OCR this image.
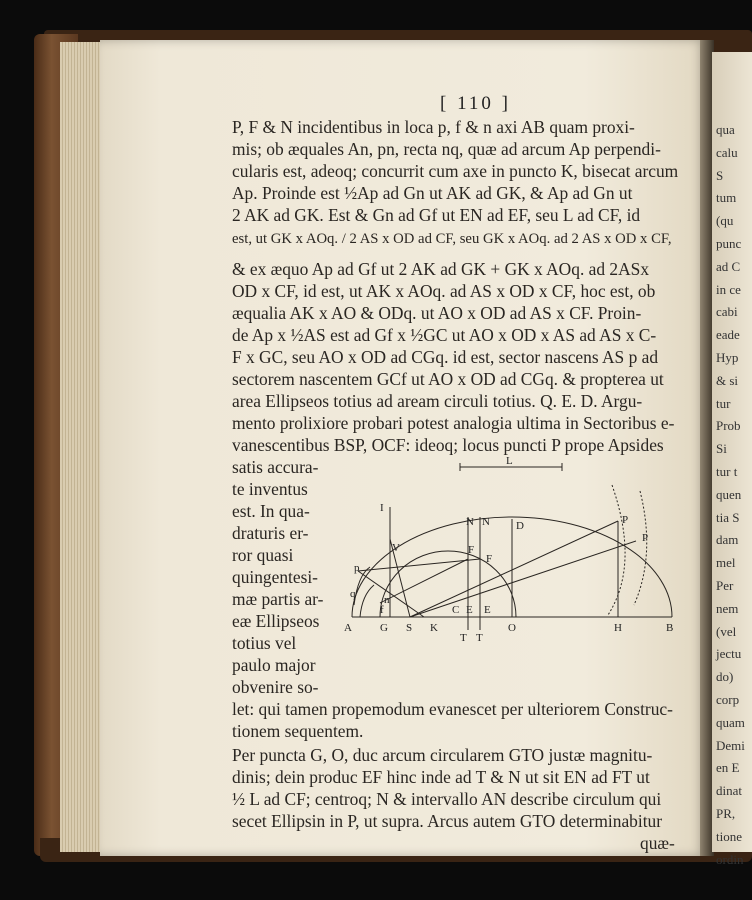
qua
calu
S
tum
(qu
punc
ad C
in ce
cabi
eade
Hyp
& si
tur
Prob
Si
tur t
quen
tia S
dam
mel
Per
nem
(vel
jectu
do)
corp
quam
Demi
en E
dinat
PR,
tione
ordin
[ 110 ]
P, F & N incidentibus in loca p, f & n axi AB quam proxi-
mis; ob æquales An, pn, recta nq, quæ ad arcum Ap perpendi-
cularis est, adeoq; concurrit cum axe in puncto K, bisecat arcum
Ap. Proinde est ½Ap ad Gn ut AK ad GK, & Ap ad Gn ut
2 AK ad GK. Est & Gn ad Gf ut EN ad EF, seu L ad CF, id
est, ut GK x AOq. / 2 AS x OD ad CF, seu GK x AOq. ad 2 AS x OD x CF,
& ex æquo Ap ad Gf ut 2 AK ad GK + GK x AOq. ad 2ASx
OD x CF, id est, ut AK x AOq. ad AS x OD x CF, hoc est, ob
æqualia AK x AO & ODq. ut AO x OD ad AS x CF. Proin-
de Ap x ½AS est ad Gf x ½GC ut AO x OD x AS ad AS x C-
F x GC, seu AO x OD ad CGq. id est, sector nascens AS p ad
sectorem nascentem GCf ut AO x OD ad CGq. & propterea ut
area Ellipseos totius ad aream circuli totius. Q. E. D. Argu-
mento prolixiore probari potest analogia ultima in Sectoribus e-
vanescentibus BSP, OCF: ideoq; locus puncti P prope Apsides
satis accura-
te inventus
est. In qua-
draturis er-
ror quasi
quingentesi-
mæ partis ar-
eæ Ellipseos
totius vel
paulo major
obvenire so-
let: qui tamen propemodum evanescet per ulteriorem Construc-
tionem sequentem.
Per puncta G, O, duc arcum circularem GTO justæ magnitu-
dinis; dein produc EF hinc inde ad T & N ut sit EN ad FT ut
½ L ad CF; centroq; N & intervallo AN describe circulum qui
secet Ellipsin in P, ut supra. Arcus autem GTO determinabitur
quæ-
L
I
D
N N	P
P
V
p
F
F
q	n
f	C E E
A	G S K	O	H	B
T T
